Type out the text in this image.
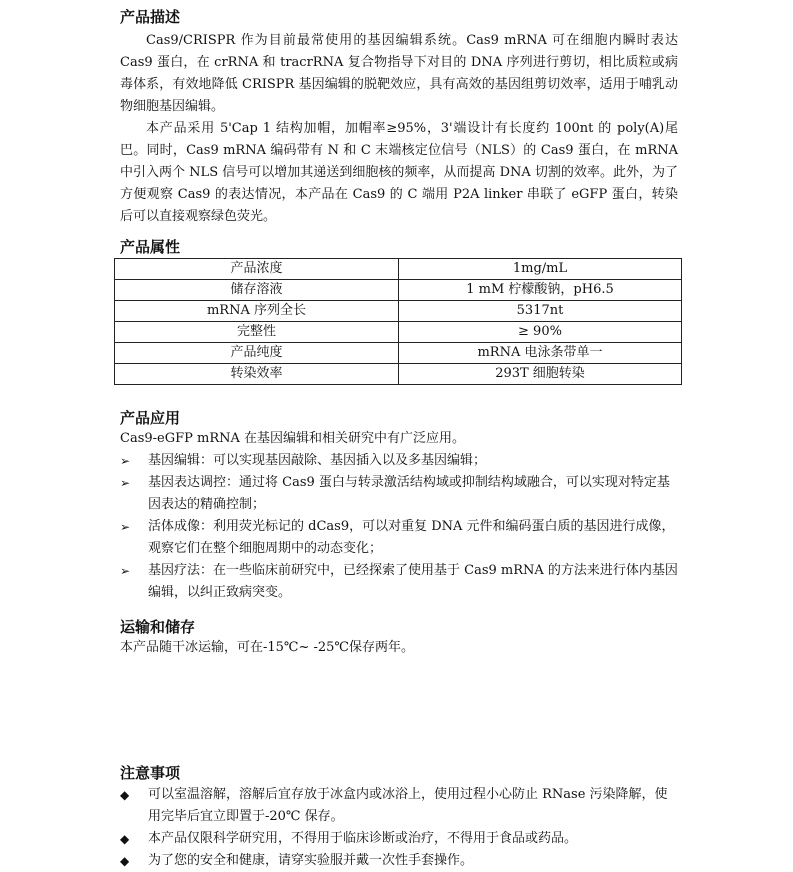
产品描述

Cas9/CRISPR 作为目前最常使用的基因编辑系统。Cas9 mRNA 可在细胞内瞬时表达 Cas9 蛋白，在 crRNA 和 tracrRNA 复合物指导下对目的 DNA 序列进行剪切，相比质粒或病毒体系，有效地降低 CRISPR 基因编辑的脱靶效应，具有高效的基因组剪切效率，适用于哺乳动物细胞基因编辑。

本产品采用 5'Cap 1 结构加帽，加帽率≥95%，3'端设计有长度约 100nt 的 poly(A)尾巴。同时，Cas9 mRNA 编码带有 N 和 C 末端核定位信号（NLS）的 Cas9 蛋白，在 mRNA 中引入两个 NLS 信号可以增加其递送到细胞核的频率，从而提高 DNA 切割的效率。此外，为了方便观察 Cas9 的表达情况，本产品在 Cas9 的 C 端用 P2A linker 串联了 eGFP 蛋白，转染后可以直接观察绿色荧光。

产品属性
产品浓度	1mg/mL
储存溶液	1 mM 柠檬酸钠，pH6.5
mRNA 序列全长	5317nt
完整性	≥ 90%
产品纯度	mRNA 电泳条带单一
转染效率	293T 细胞转染
产品应用

Cas9-eGFP mRNA 在基因编辑和相关研究中有广泛应用。

➢	基因编辑：可以实现基因敲除、基因插入以及多基因编辑；
➢	基因表达调控：通过将 Cas9 蛋白与转录激活结构域或抑制结构域融合，可以实现对特定基因表达的精确控制；
➢	活体成像：利用荧光标记的 dCas9，可以对重复 DNA 元件和编码蛋白质的基因进行成像，观察它们在整个细胞周期中的动态变化；
➢	基因疗法：在一些临床前研究中，已经探索了使用基于 Cas9 mRNA 的方法来进行体内基因编辑，以纠正致病突变。
运输和储存

本产品随干冰运输，可在-15℃~ -25℃保存两年。

注意事项
◆	可以室温溶解，溶解后宜存放于冰盒内或冰浴上，使用过程小心防止 RNase 污染降解，使用完毕后宜立即置于-20℃ 保存。
◆	本产品仅限科学研究用，不得用于临床诊断或治疗，不得用于食品或药品。
◆	为了您的安全和健康，请穿实验服并戴一次性手套操作。
